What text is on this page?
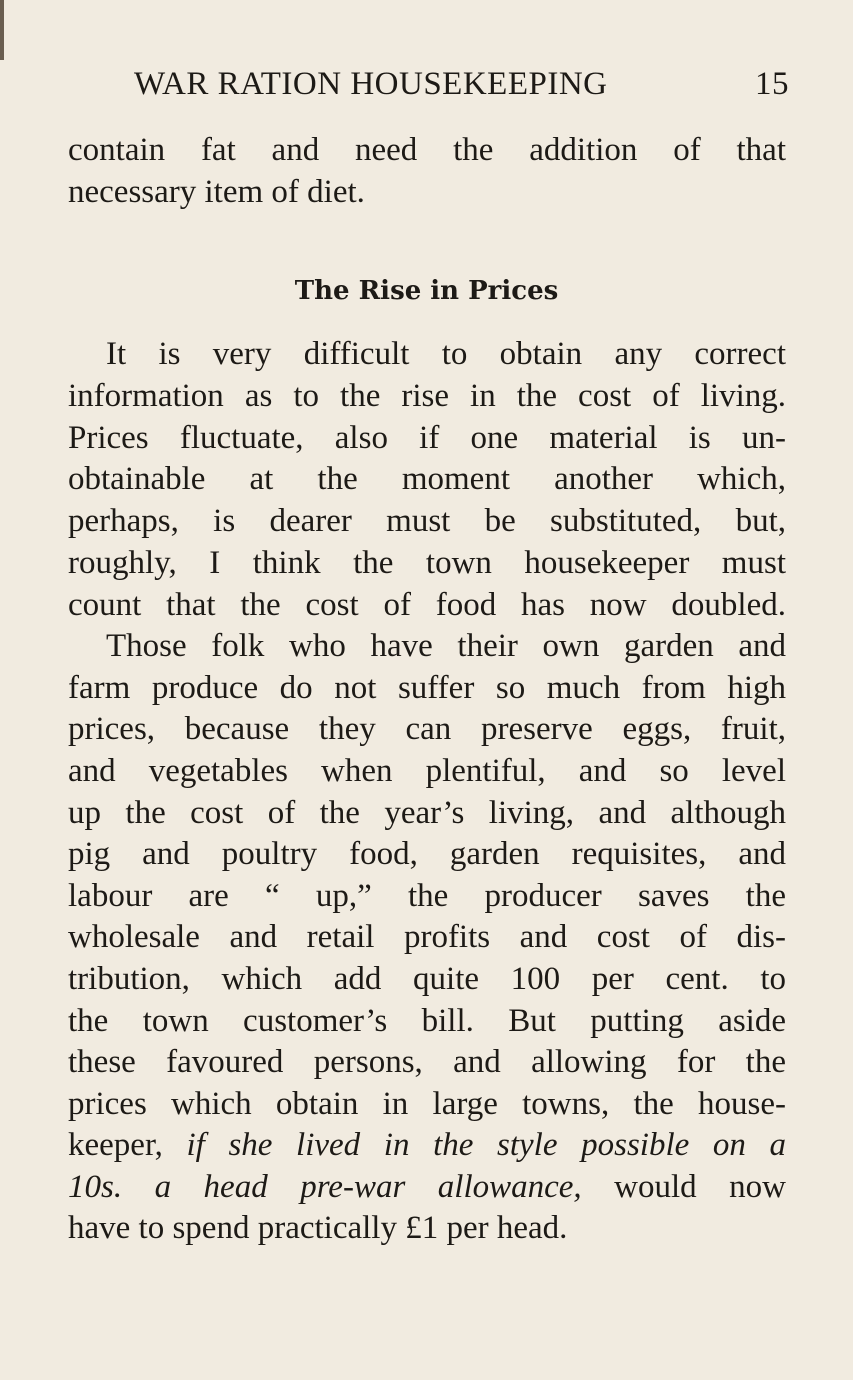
WAR RATION HOUSEKEEPING	15
contain fat and need the addition of that
necessary item of diet.
The Rise in Prices
It is very difficult to obtain any correct
information as to the rise in the cost of living.
Prices fluctuate, also if one material is un-
obtainable at the moment another which,
perhaps, is dearer must be substituted, but,
roughly, I think the town housekeeper must
count that the cost of food has now doubled.
Those folk who have their own garden and
farm produce do not suffer so much from high
prices, because they can preserve eggs, fruit,
and vegetables when plentiful, and so level
up the cost of the year’s living, and although
pig and poultry food, garden requisites, and
labour are “ up,” the producer saves the
wholesale and retail profits and cost of dis-
tribution, which add quite 100 per cent. to
the town customer’s bill. But putting aside
these favoured persons, and allowing for the
prices which obtain in large towns, the house-
keeper, if she lived in the style possible on a
10s. a head pre-war allowance, would now
have to spend practically £1 per head.
